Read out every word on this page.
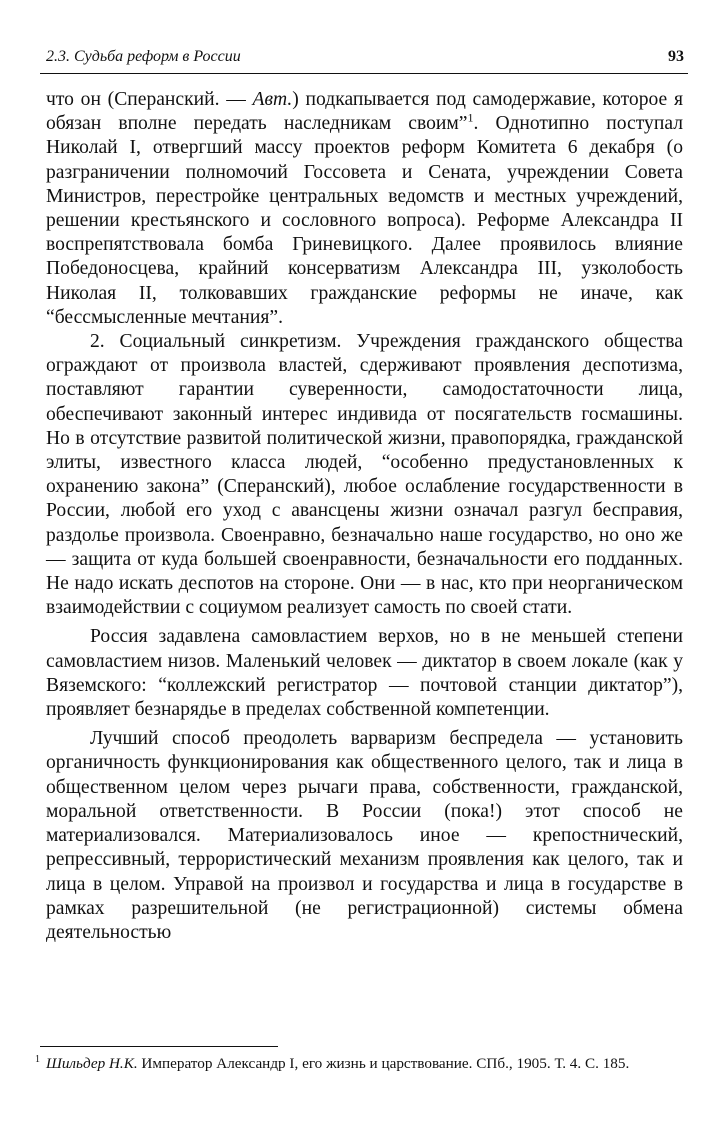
2.3. Судьба реформ в России	93

что он (Сперанский. — Авт.) подкапывается под самодержавие, которое я обязан вполне передать наследникам своим”$^1$. Однотипно поступал Николай I, отвергший массу проектов реформ Комитета 6 декабря (о разграничении полномочий Госсовета и Сената, учреждении Совета Министров, перестройке центральных ведомств и местных учреждений, решении крестьянского и сословного вопроса). Реформе Александра II воспрепятствовала бомба Гриневицкого. Далее проявилось влияние Победоносцева, крайний консерватизм Александра III, узколобость Николая II, толковавших гражданские реформы не иначе, как “бессмысленные мечтания”.

2. Социальный синкретизм. Учреждения гражданского общества ограждают от произвола властей, сдерживают проявления деспотизма, поставляют гарантии суверенности, самодостаточности лица, обеспечивают законный интерес индивида от посягательств госмашины. Но в отсутствие развитой политической жизни, правопорядка, гражданской элиты, известного класса людей, “особенно предустановленных к охранению закона” (Сперанский), любое ослабление государственности в России, любой его уход с авансцены жизни означал разгул бесправия, раздолье произвола. Своенравно, безначально наше государство, но оно же — защита от куда большей своенравности, безначальности его подданных. Не надо искать деспотов на стороне. Они — в нас, кто при неорганическом взаимодействии с социумом реализует самость по своей стати.

Россия задавлена самовластием верхов, но в не меньшей степени самовластием низов. Маленький человек — диктатор в своем локале (как у Вяземского: “коллежский регистратор — почтовой станции диктатор”), проявляет безнарядье в пределах собственной компетенции.

Лучший способ преодолеть варваризм беспредела — установить органичность функционирования как общественного целого, так и лица в общественном целом через рычаги права, собственности, гражданской, моральной ответственности. В России (пока!) этот способ не материализовался. Материализовалось иное — крепостнический, репрессивный, террористический механизм проявления как целого, так и лица в целом. Управой на произвол и государства и лица в государстве в рамках разрешительной (не регистрационной) системы обмена деятельностью

1 Шильдер Н.К. Император Александр I, его жизнь и царствование. СПб., 1905. Т. 4. С. 185.
